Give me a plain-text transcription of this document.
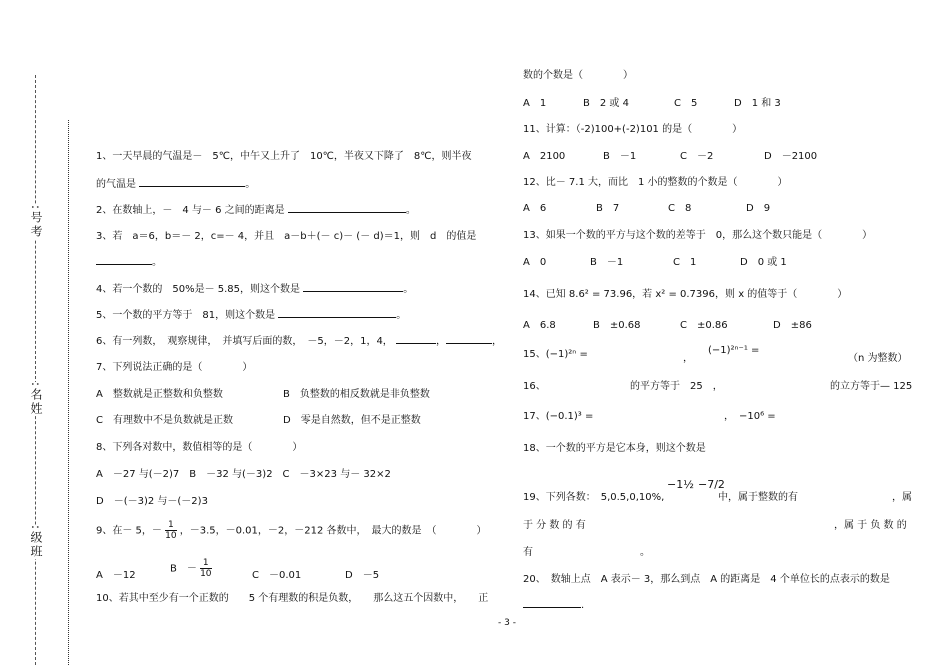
:号考
:名姓
:级班
1、一天早晨的气温是－　5℃，中午又上升了　10℃，半夜又下降了　8℃，则半夜
的气温是	。
2、在数轴上，－　4 与－ 6 之间的距离是	。
3、若　a＝6，b＝－ 2，c=－ 4，并且　a－b＋(－ c)－ (－ d)＝1，则　d　的值是
。
4、若一个数的　50%是－ 5.85，则这个数是	。
5、一个数的平方等于　81，则这个数是	。
6、有一列数，　观察规律，　并填写后面的数，　－5，－2，1，4，	，	，
7、下列说法正确的是（　　　　）
A　整数就是正整数和负整数	B　负整数的相反数就是非负整数
C　有理数中不是负数就是正数	D　零是自然数，但不是正整数
8、下列各对数中，数值相等的是（　　　　）
A　－27 与(－2)7　B　－32 与(－3)2　C　－3×23 与－ 32×2
D　－(－3)2 与－(－2)3
9、在－ 5，－ $\frac{1}{10}$ ，－3.5，－0.01，－2，－212 各数中，　最大的数是　（　　　　）
A　－12
B　－ $\frac{1}{10}$	C　－0.01	D　－5
10、若其中至少有一个正数的　　5 个有理数的积是负数，　　那么这五个因数中，　　正
数的个数是（　　　　）
A　1	B　2 或 4	C　5	D　1 和 3
11、计算：（-2)100+(-2)101 的是（　　　　）
A　2100	B　－1	C　－2	D　－2100
12、比－ 7.1 大，而比　1 小的整数的个数是（　　　　）
A　6	B　7	C　8	D　9
13、如果一个数的平方与这个数的差等于　0，那么这个数只能是（　　　　）
A　0	B　－1	C　1	D　0 或 1
14、已知 8.6² = 73.96，若 x² = 0.7396，则 x 的值等于（　　　　）
A　6.8	B　±0.68	C　±0.86	D　±86
15、(−1)²ⁿ =	，
(−1)²ⁿ⁻¹ =
（n 为整数）
16、	的平方等于　25　，	的立方等于— 125
17、(−0.1)³ =	，　−10⁶ =
18、一个数的平方是它本身，则这个数是
19、下列各数：　5,0.5,0,10%,
−1½ −7/2
中，属于整数的有	，属
于 分 数 的 有	，属 于 负 数 的
有	。
20、　数轴上点　A 表示－ 3，那么到点　A 的距离是　4 个单位长的点表示的数是
.
- 3 -
